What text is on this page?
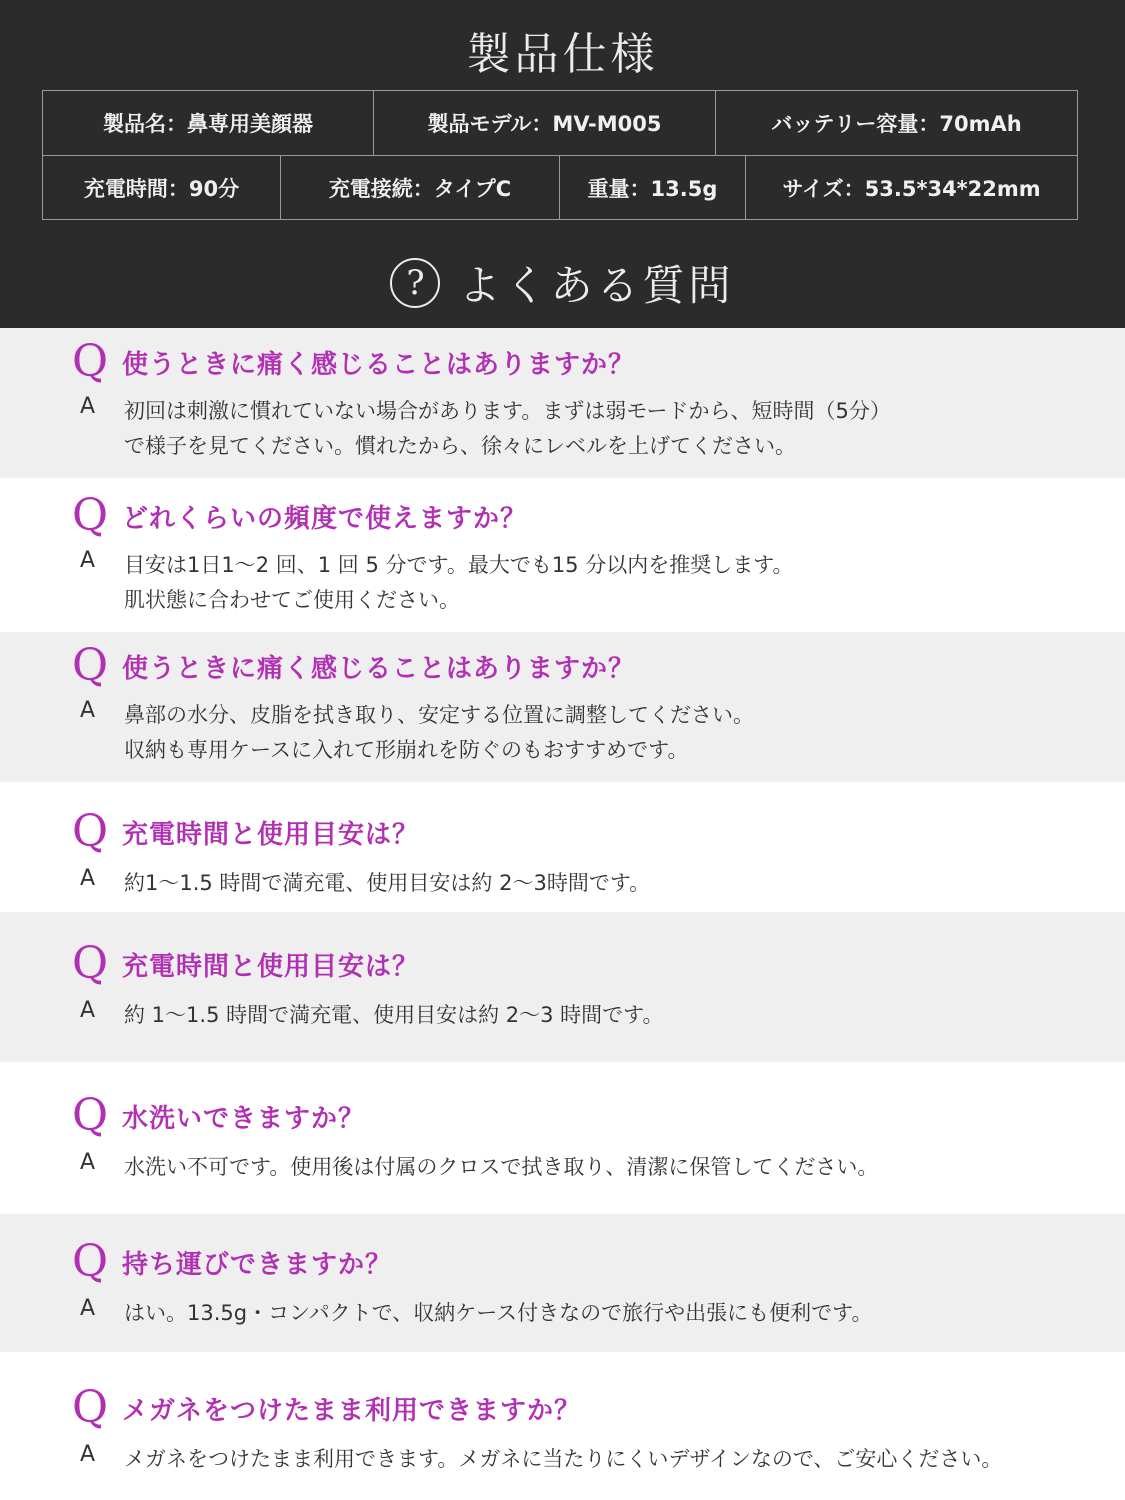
製品仕様
製品名：鼻専用美顔器	製品モデル：MV-M005	バッテリー容量：70mAh
充電時間：90分	充電接続：タイプC	重量：13.5g	サイズ：53.5*34*22mm
? よくある質問
Q 使うときに痛く感じることはありますか？
A	初回は刺激に慣れていない場合があります。まずは弱モードから、短時間（5分）
で様子を見てください。慣れたから、徐々にレベルを上げてください。
Q どれくらいの頻度で使えますか？
A	目安は1日1～2 回、1 回 5 分です。最大でも15 分以内を推奨します。
肌状態に合わせてご使用ください。
Q 使うときに痛く感じることはありますか？
A	鼻部の水分、皮脂を拭き取り、安定する位置に調整してください。
収納も専用ケースに入れて形崩れを防ぐのもおすすめです。
Q 充電時間と使用目安は？
A	約1～1.5 時間で満充電、使用目安は約 2～3時間です。
Q 充電時間と使用目安は？
A	約 1～1.5 時間で満充電、使用目安は約 2～3 時間です。
Q 水洗いできますか？
A	水洗い不可です。使用後は付属のクロスで拭き取り、清潔に保管してください。
Q 持ち運びできますか？
A	はい。13.5g・コンパクトで、収納ケース付きなので旅行や出張にも便利です。
Q メガネをつけたまま利用できますか？
A	メガネをつけたまま利用できます。メガネに当たりにくいデザインなので、ご安心ください。
